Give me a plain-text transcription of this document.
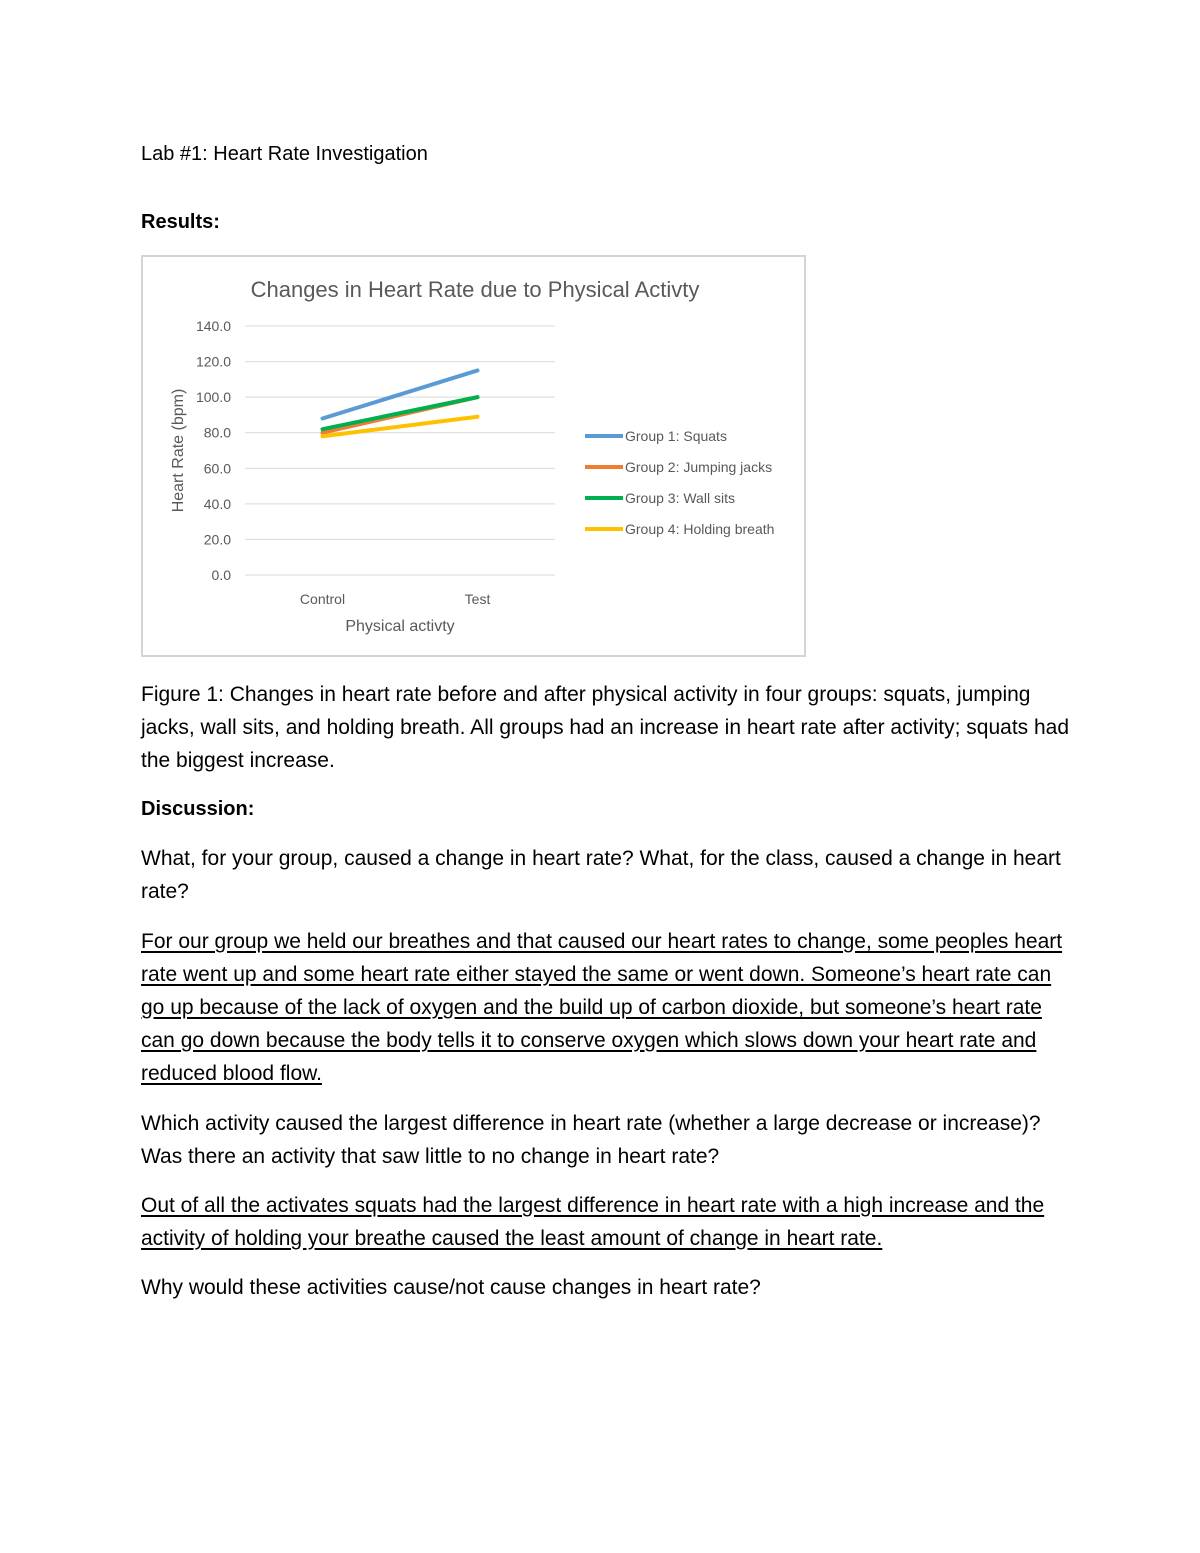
Lab #1: Heart Rate Investigation
Results:
Changes in Heart Rate due to Physical Activty
0.0
20.0
40.0
60.0
80.0
100.0
120.0
140.0
Control	Test
Physical activty
Heart Rate (bpm)	Group 1: Squats
Group 2: Jumping jacks
Group 3: Wall sits
Group 4: Holding breath
Figure 1: Changes in heart rate before and after physical activity in four groups: squats, jumping jacks, wall sits, and holding breath. All groups had an increase in heart rate after activity; squats had the biggest increase.
Discussion:
What, for your group, caused a change in heart rate? What, for the class, caused a change in heart rate?
For our group we held our breathes and that caused our heart rates to change, some peoples heart rate went up and some heart rate either stayed the same or went down. Someone’s heart rate can go up because of the lack of oxygen and the build up of carbon dioxide, but someone’s heart rate can go down because the body tells it to conserve oxygen which slows down your heart rate and reduced blood flow.
Which activity caused the largest difference in heart rate (whether a large decrease or increase)? Was there an activity that saw little to no change in heart rate?
Out of all the activates squats had the largest difference in heart rate with a high increase and the activity of holding your breathe caused the least amount of change in heart rate.
Why would these activities cause/not cause changes in heart rate?
